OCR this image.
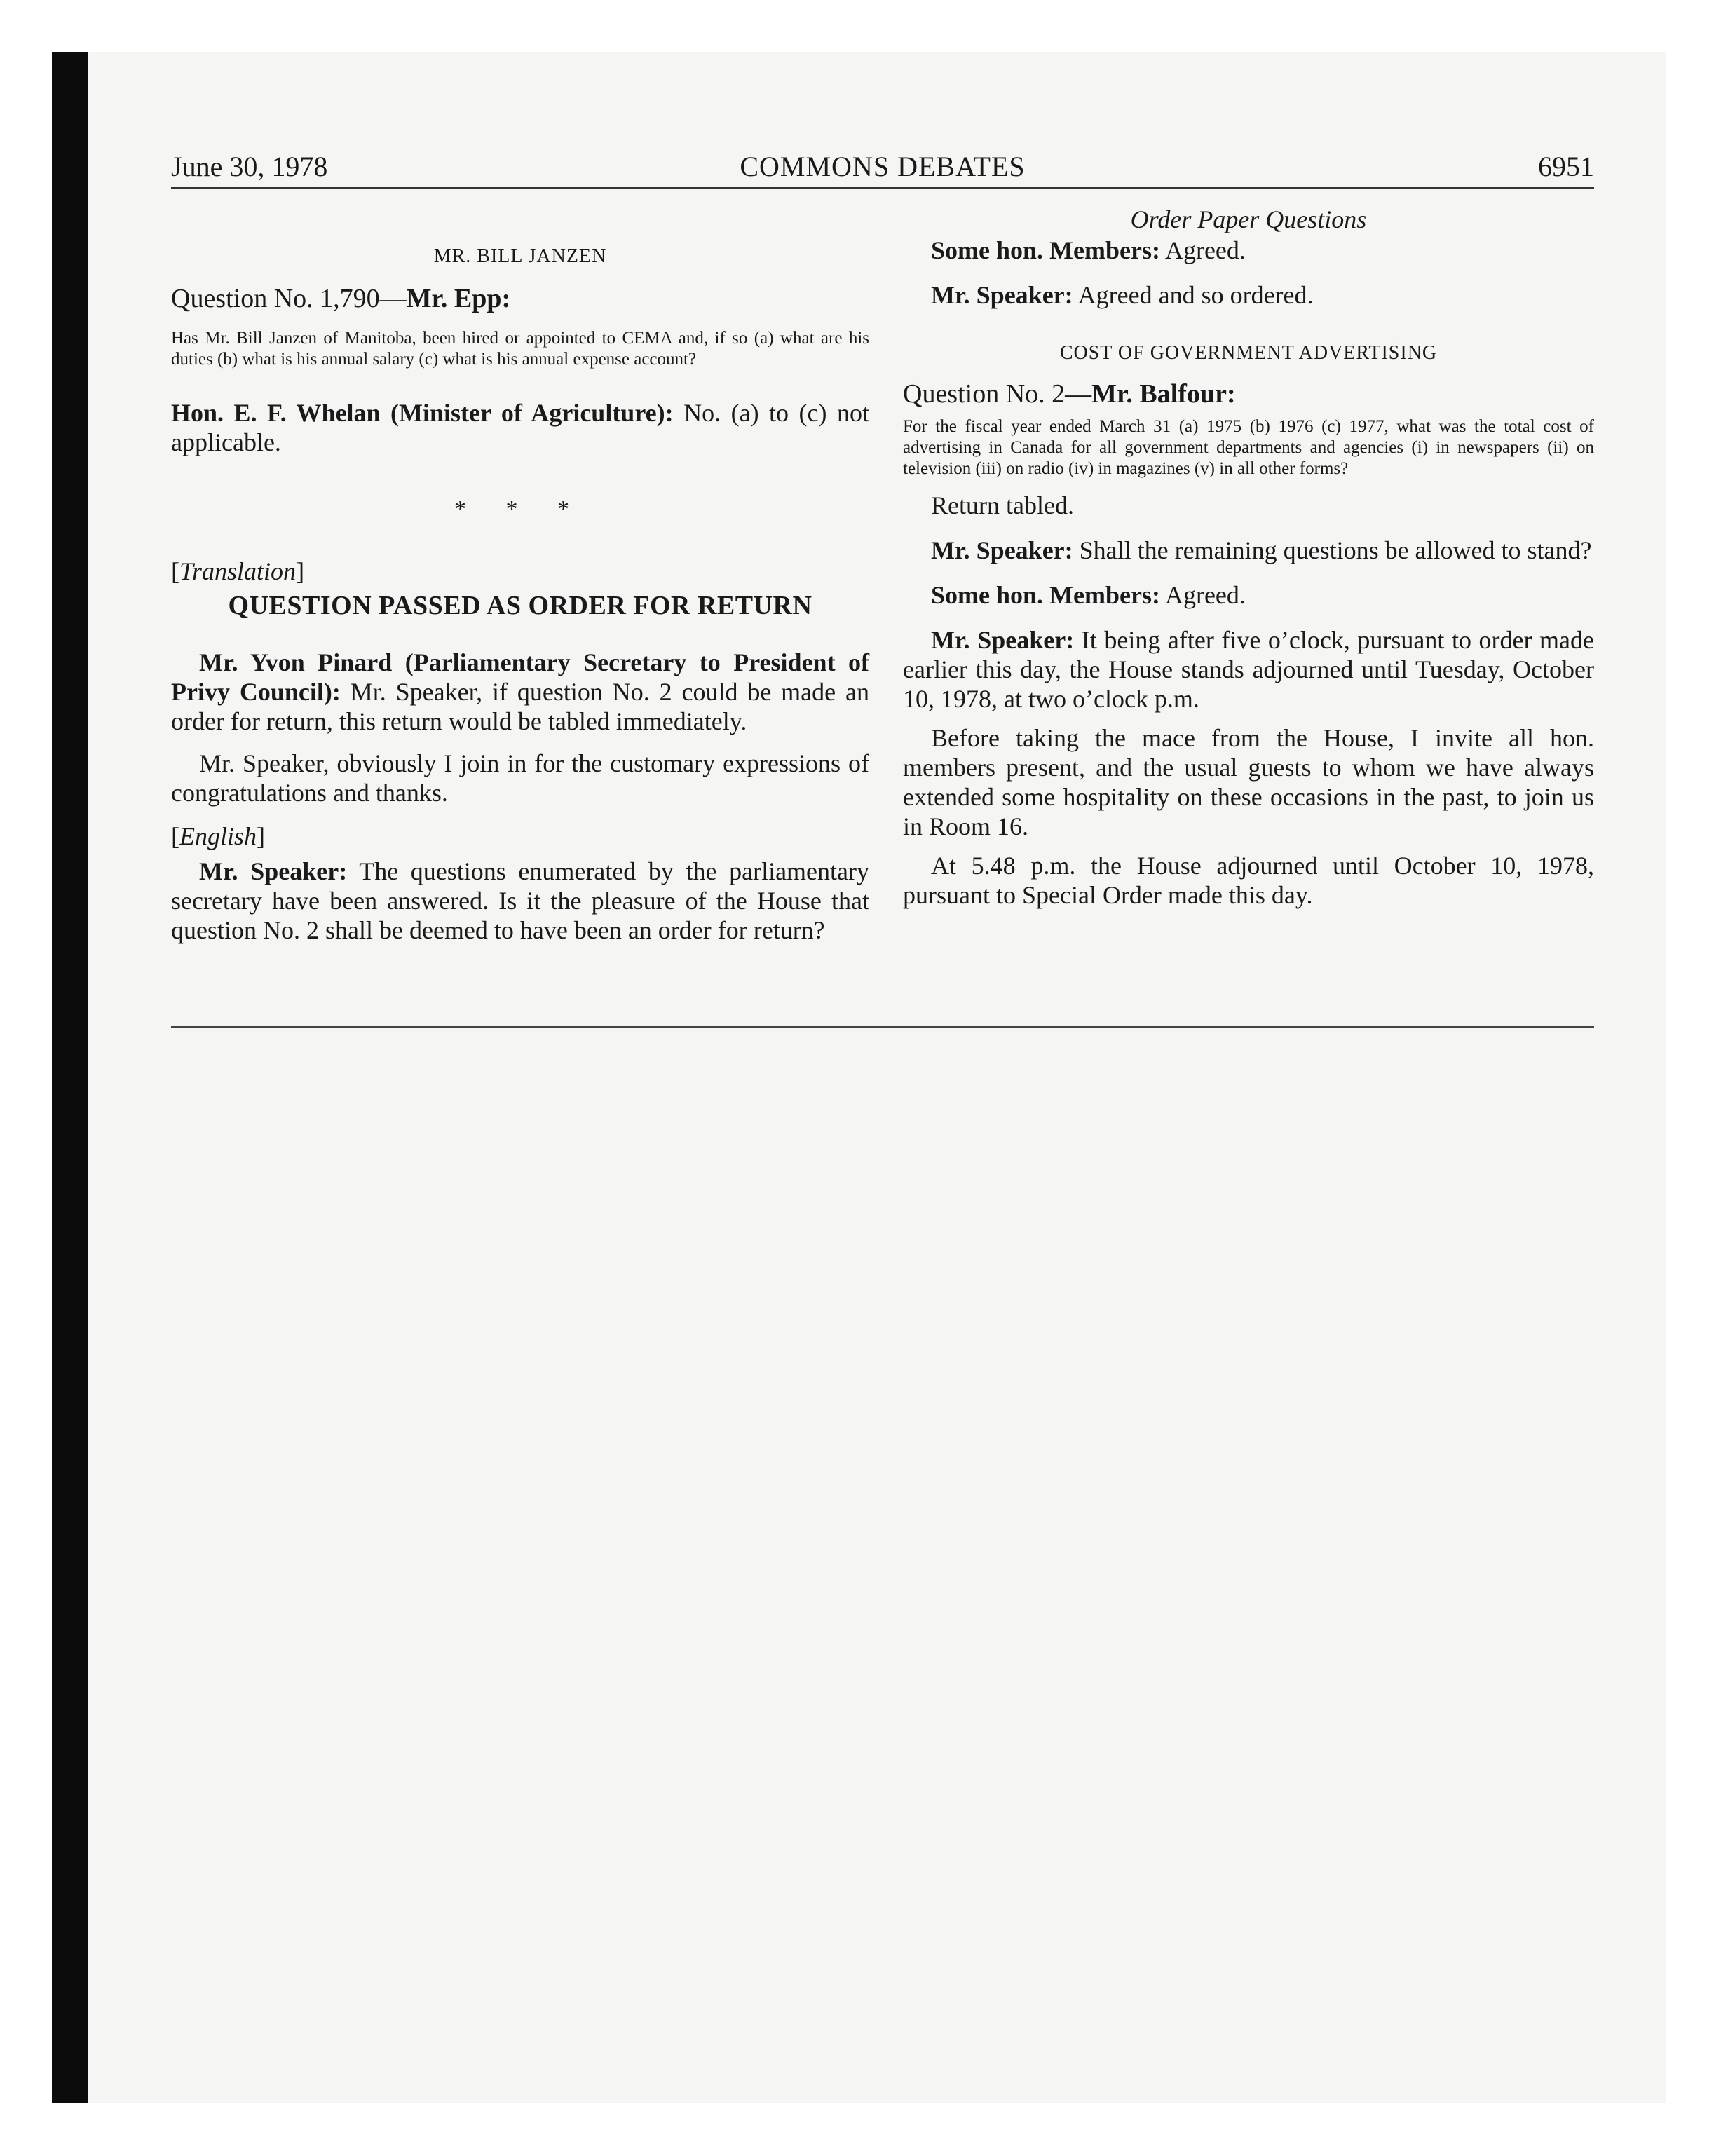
June 30, 1978	COMMONS DEBATES	6951

MR. BILL JANZEN

Question No. 1,790—Mr. Epp:

Has Mr. Bill Janzen of Manitoba, been hired or appointed to CEMA and, if so (a) what are his duties (b) what is his annual salary (c) what is his annual expense account?

Hon. E. F. Whelan (Minister of Agriculture): No. (a) to (c) not applicable.

* * *

[Translation]

QUESTION PASSED AS ORDER FOR RETURN

Mr. Yvon Pinard (Parliamentary Secretary to President of Privy Council): Mr. Speaker, if question No. 2 could be made an order for return, this return would be tabled immediately.

Mr. Speaker, obviously I join in for the customary expressions of congratulations and thanks.

[English]

Mr. Speaker: The questions enumerated by the parliamentary secretary have been answered. Is it the pleasure of the House that question No. 2 shall be deemed to have been an order for return?

Order Paper Questions

Some hon. Members: Agreed.

Mr. Speaker: Agreed and so ordered.

COST OF GOVERNMENT ADVERTISING

Question No. 2—Mr. Balfour:

For the fiscal year ended March 31 (a) 1975 (b) 1976 (c) 1977, what was the total cost of advertising in Canada for all government departments and agencies (i) in newspapers (ii) on television (iii) on radio (iv) in magazines (v) in all other forms?

Return tabled.

Mr. Speaker: Shall the remaining questions be allowed to stand?

Some hon. Members: Agreed.

Mr. Speaker: It being after five o’clock, pursuant to order made earlier this day, the House stands adjourned until Tuesday, October 10, 1978, at two o’clock p.m.

Before taking the mace from the House, I invite all hon. members present, and the usual guests to whom we have always extended some hospitality on these occasions in the past, to join us in Room 16.

At 5.48 p.m. the House adjourned until October 10, 1978, pursuant to Special Order made this day.
